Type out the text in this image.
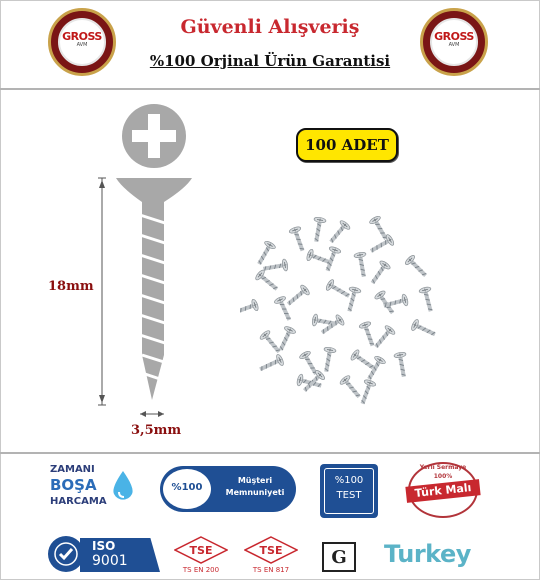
GROSS
AVM
Güvenli Alışveriş
%100 Orjinal Ürün Garantisi
GROSS
AVM
18mm
3,5mm
100 ADET
ZAMANI
BOŞA
HARCAMA
%100
Müşteri
Memnuniyeti
%100
TEST
Yerli Sermaye
100%
Türk Malı
ISO
9001
TSE
TS EN 200
TSE
TS EN 817
G	Turkey
